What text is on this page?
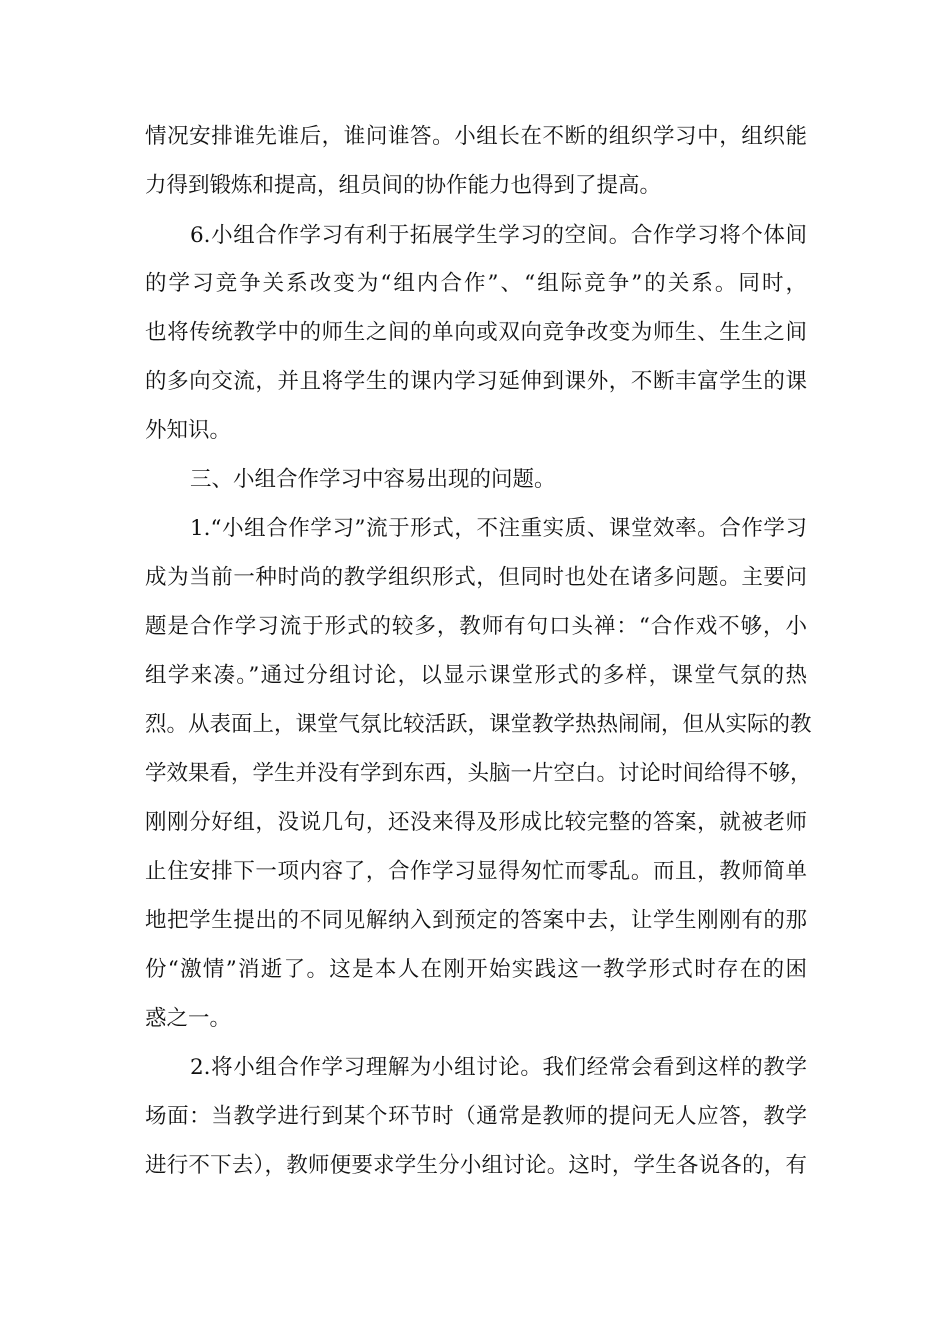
情况安排谁先谁后，谁问谁答。小组长在不断的组织学习中，组织能
力得到锻炼和提高，组员间的协作能力也得到了提高。
6.小组合作学习有利于拓展学生学习的空间。合作学习将个体间
的学习竞争关系改变为“组内合作”、“组际竞争”的关系。同时，
也将传统教学中的师生之间的单向或双向竞争改变为师生、生生之间
的多向交流，并且将学生的课内学习延伸到课外，不断丰富学生的课
外知识。
三、小组合作学习中容易出现的问题。
1.“小组合作学习”流于形式，不注重实质、课堂效率。合作学习
成为当前一种时尚的教学组织形式，但同时也处在诸多问题。主要问
题是合作学习流于形式的较多，教师有句口头禅：“合作戏不够，小
组学来凑。”通过分组讨论，以显示课堂形式的多样，课堂气氛的热
烈。从表面上，课堂气氛比较活跃，课堂教学热热闹闹，但从实际的教
学效果看，学生并没有学到东西，头脑一片空白。讨论时间给得不够，
刚刚分好组，没说几句，还没来得及形成比较完整的答案，就被老师
止住安排下一项内容了，合作学习显得匆忙而零乱。而且，教师简单
地把学生提出的不同见解纳入到预定的答案中去，让学生刚刚有的那
份“激情”消逝了。这是本人在刚开始实践这一教学形式时存在的困
惑之一。
2.将小组合作学习理解为小组讨论。我们经常会看到这样的教学
场面：当教学进行到某个环节时（通常是教师的提问无人应答，教学
进行不下去），教师便要求学生分小组讨论。这时，学生各说各的，有
